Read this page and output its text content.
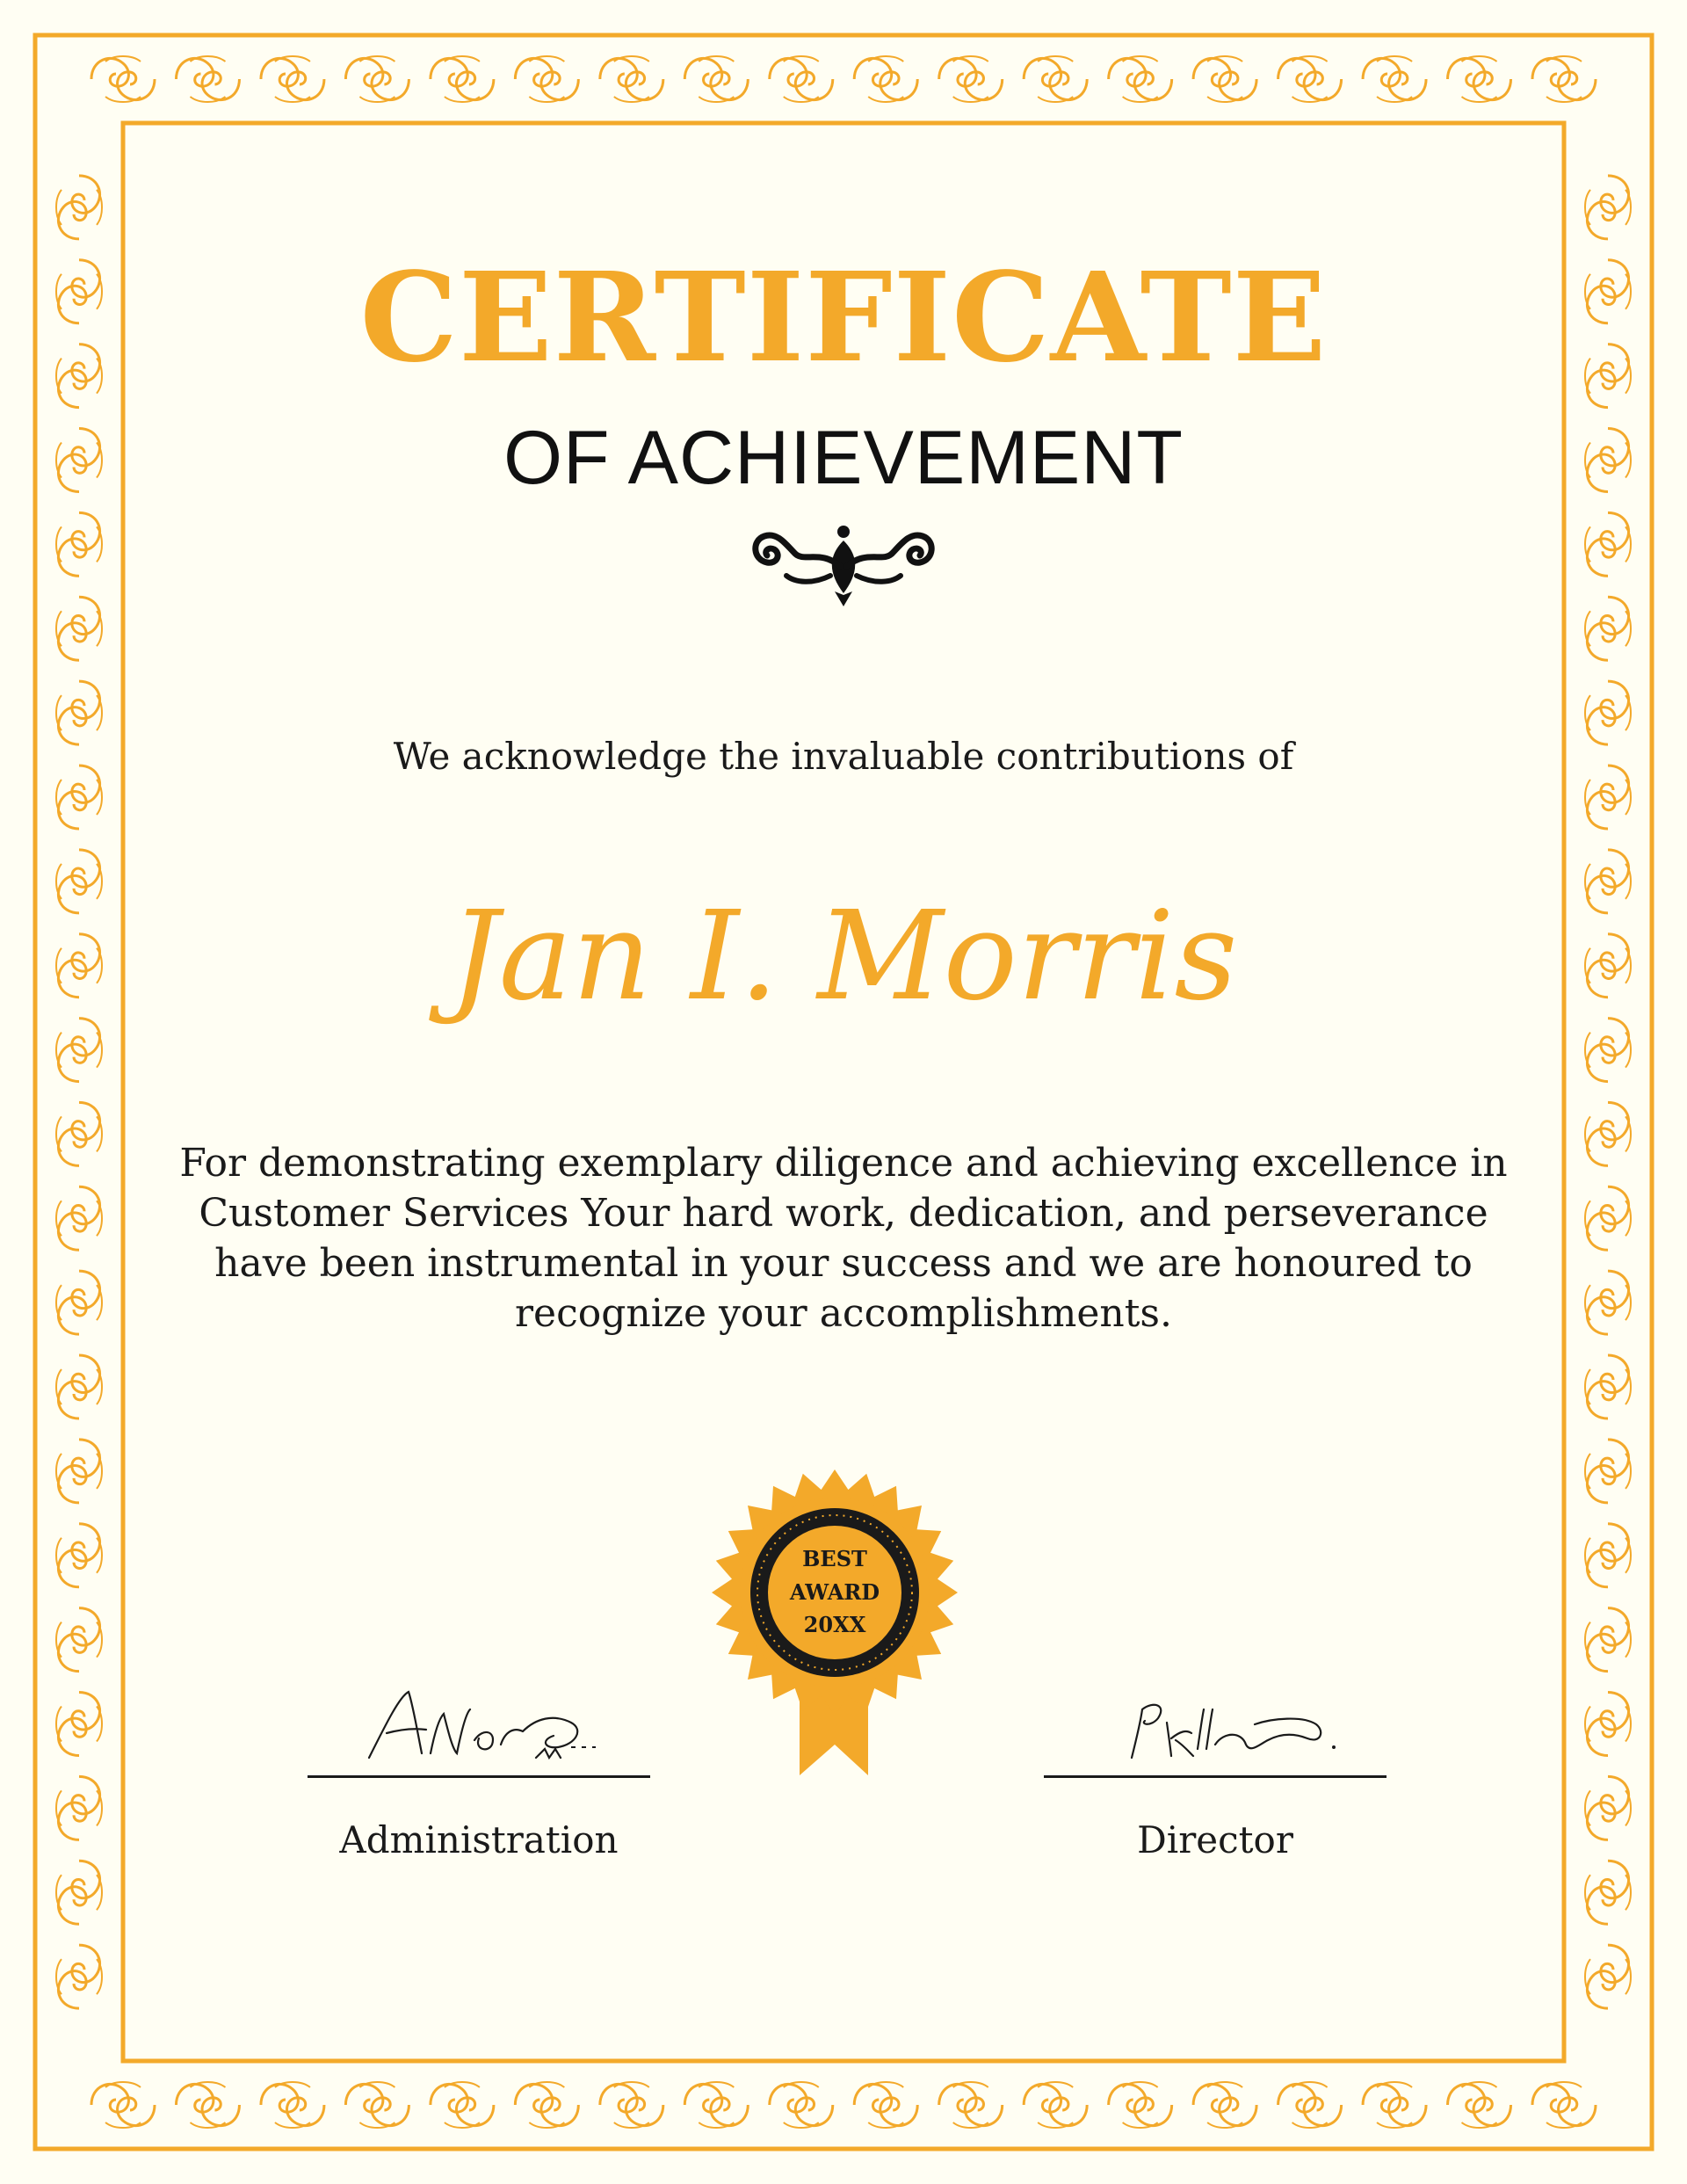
CERTIFICATE
OF ACHIEVEMENT
We acknowledge the invaluable contributions of
Jan I. Morris
For demonstrating exemplary diligence and achieving excellence in Customer Services Your hard work, dedication, and perseverance have been instrumental in your success and we are honoured to recognize your accomplishments.
BEST
AWARD
20XX
Administration	Director
